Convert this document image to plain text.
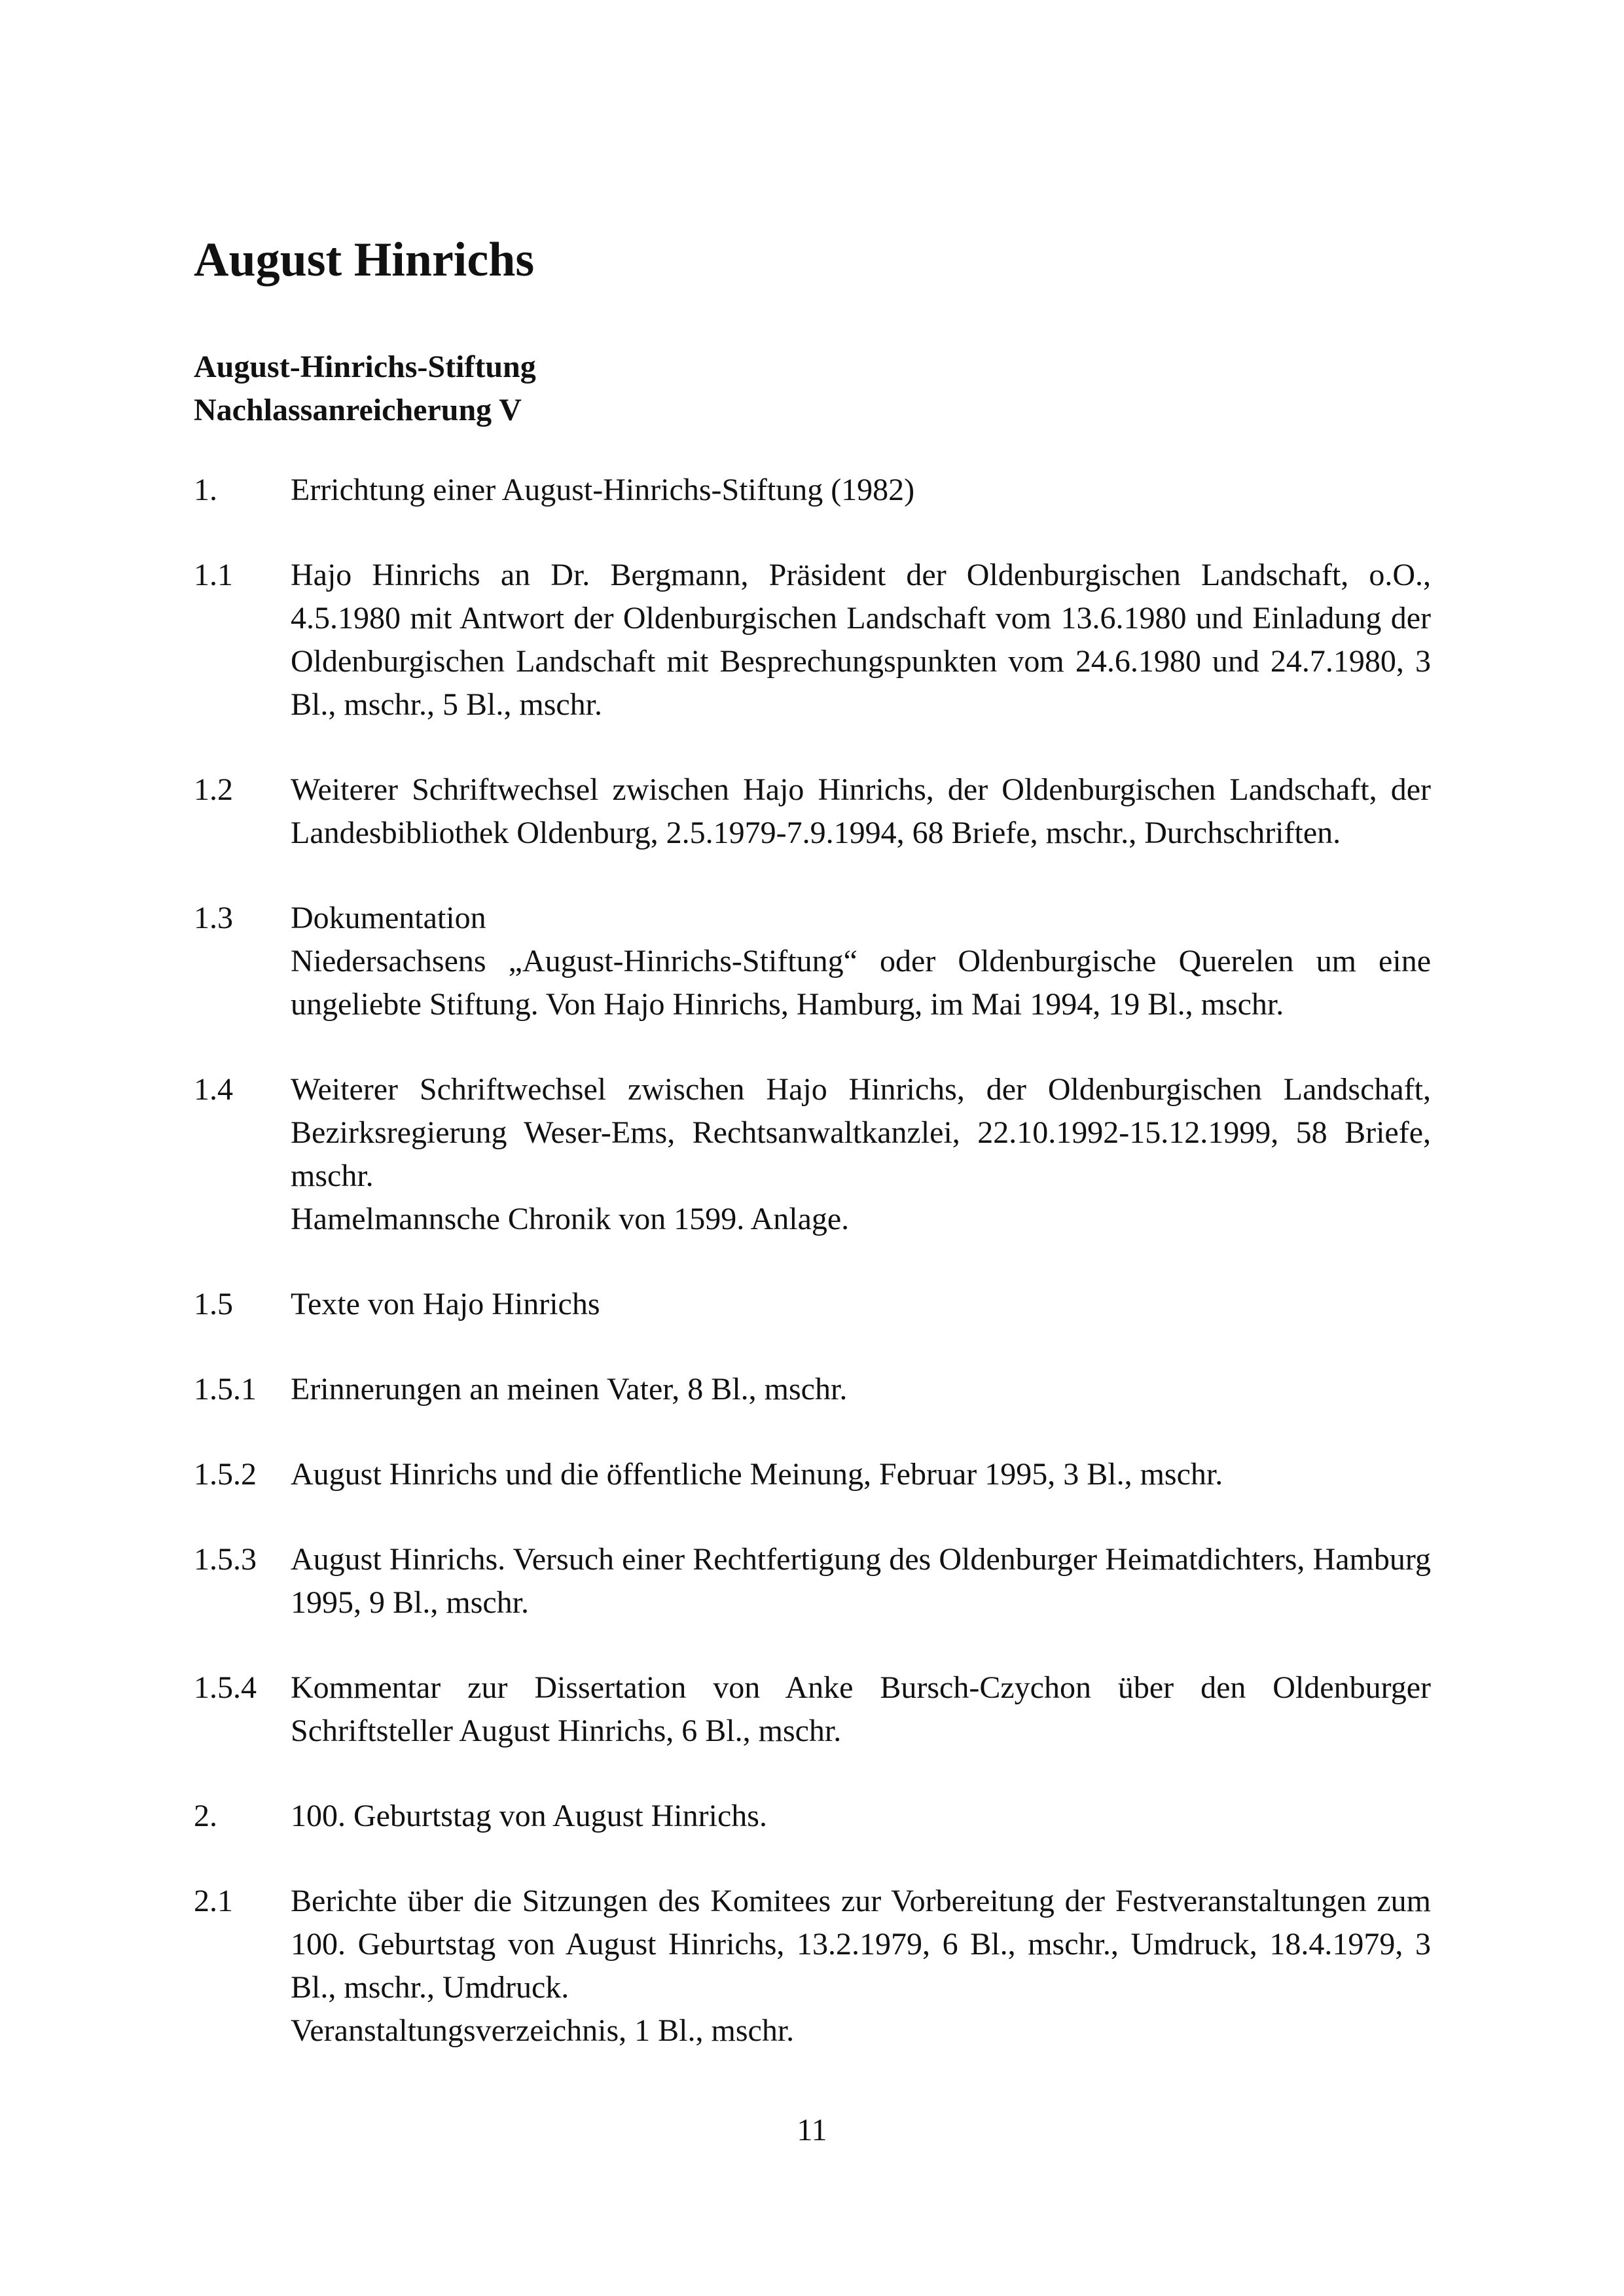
August Hinrichs
August-Hinrichs-Stiftung
Nachlassanreicherung V
1.	Errichtung einer August-Hinrichs-Stiftung (1982)

1.1	Hajo Hinrichs an Dr. Bergmann, Präsident der Oldenburgischen Landschaft, o.O., 4.5.1980 mit Antwort der Oldenburgischen Landschaft vom 13.6.1980 und Einladung der Oldenburgischen Landschaft mit Besprechungspunkten vom 24.6.1980 und 24.7.1980, 3 Bl., mschr., 5 Bl., mschr.

1.2	Weiterer Schriftwechsel zwischen Hajo Hinrichs, der Oldenburgischen Landschaft, der Landesbibliothek Oldenburg, 2.5.1979-7.9.1994, 68 Briefe, mschr., Durchschriften.

1.3	Dokumentation

Niedersachsens „August-Hinrichs-Stiftung“ oder Oldenburgische Querelen um eine ungeliebte Stiftung. Von Hajo Hinrichs, Hamburg, im Mai 1994, 19 Bl., mschr.

1.4	Weiterer Schriftwechsel zwischen Hajo Hinrichs, der Oldenburgischen Landschaft, Bezirksregierung Weser-Ems, Rechtsanwaltkanzlei, 22.10.1992-15.12.1999, 58 Briefe, mschr.

Hamelmannsche Chronik von 1599. Anlage.

1.5	Texte von Hajo Hinrichs

1.5.1	Erinnerungen an meinen Vater, 8 Bl., mschr.

1.5.2	August Hinrichs und die öffentliche Meinung, Februar 1995, 3 Bl., mschr.

1.5.3	August Hinrichs. Versuch einer Rechtfertigung des Oldenburger Heimatdichters, Hamburg 1995, 9 Bl., mschr.

1.5.4	Kommentar zur Dissertation von Anke Bursch-Czychon über den Oldenburger Schriftsteller August Hinrichs, 6 Bl., mschr.

2.	100. Geburtstag von August Hinrichs.

2.1	Berichte über die Sitzungen des Komitees zur Vorbereitung der Festveranstaltungen zum 100. Geburtstag von August Hinrichs, 13.2.1979, 6 Bl., mschr., Umdruck, 18.4.1979, 3 Bl., mschr., Umdruck.

Veranstaltungsverzeichnis, 1 Bl., mschr.

11
